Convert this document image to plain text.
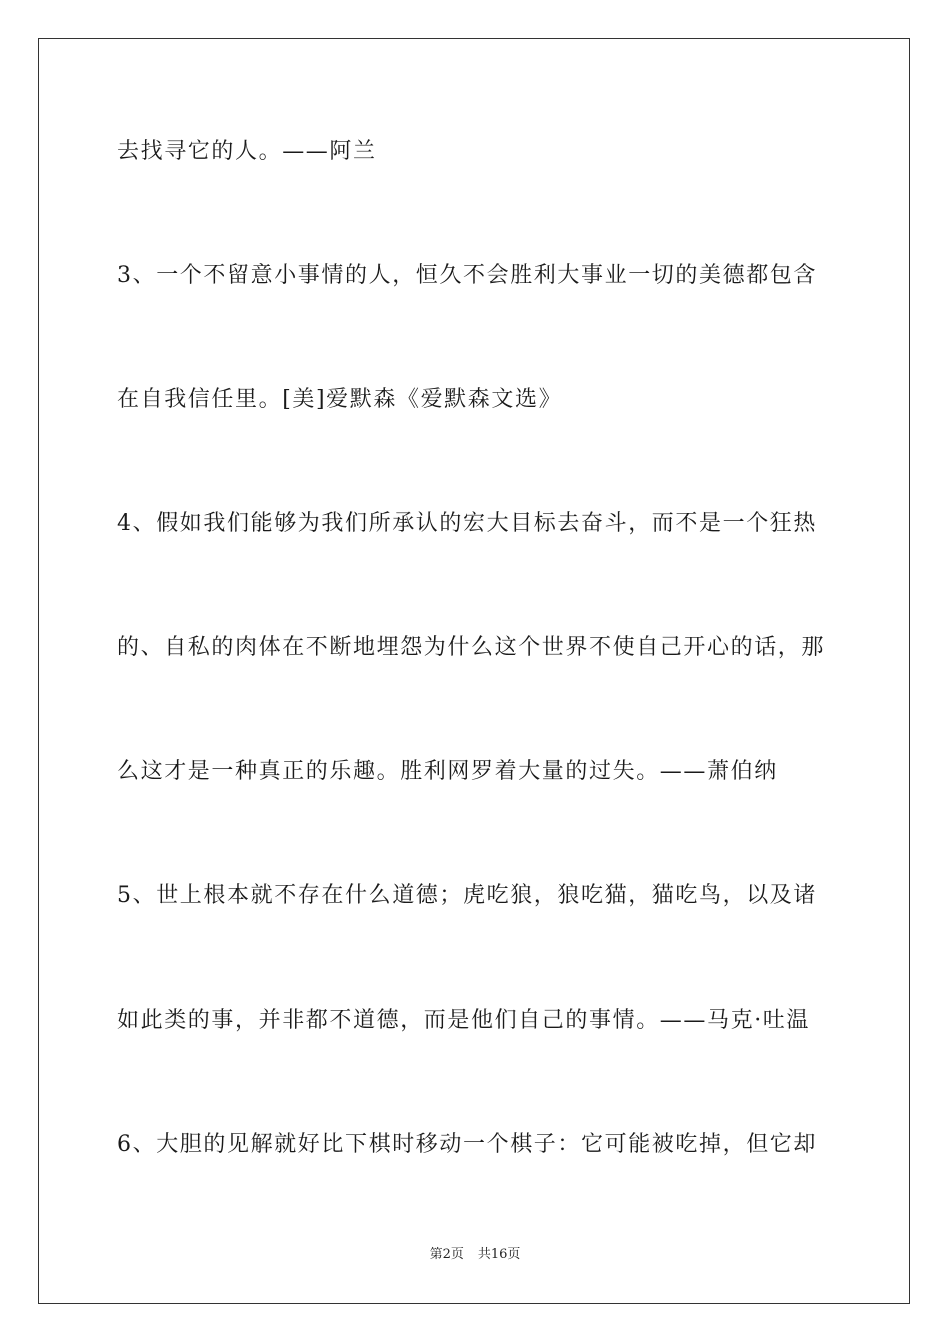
去找寻它的人。——阿兰
3、一个不留意小事情的人，恒久不会胜利大事业一切的美德都包含
在自我信任里。[美]爱默森《爱默森文选》
4、假如我们能够为我们所承认的宏大目标去奋斗，而不是一个狂热
的、自私的肉体在不断地埋怨为什么这个世界不使自己开心的话，那
么这才是一种真正的乐趣。胜利网罗着大量的过失。——萧伯纳
5、世上根本就不存在什么道德；虎吃狼，狼吃猫，猫吃鸟，以及诸
如此类的事，并非都不道德，而是他们自己的事情。——马克·吐温
6、大胆的见解就好比下棋时移动一个棋子：它可能被吃掉，但它却
第2页 共16页
